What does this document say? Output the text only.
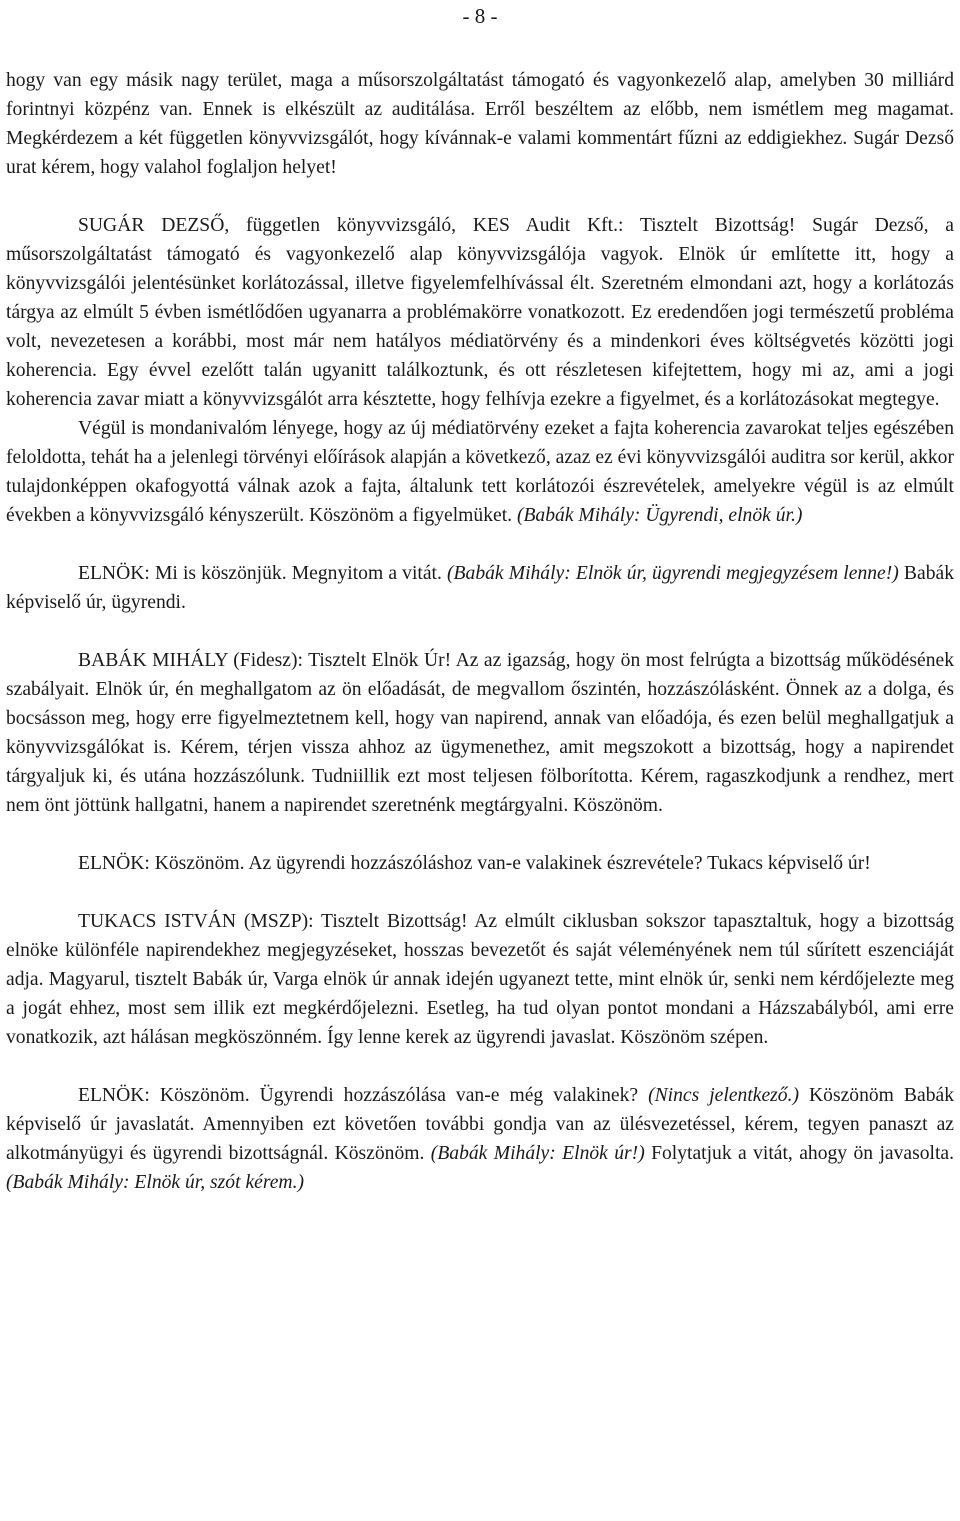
- 8 -

hogy van egy másik nagy terület, maga a műsorszolgáltatást támogató és vagyonkezelő alap, amelyben 30 milliárd forintnyi közpénz van. Ennek is elkészült az auditálása. Erről beszéltem az előbb, nem ismétlem meg magamat. Megkérdezem a két független könyvvizsgálót, hogy kívánnak-e valami kommentárt fűzni az eddigiekhez. Sugár Dezső urat kérem, hogy valahol foglaljon helyet!

SUGÁR DEZSŐ, független könyvvizsgáló, KES Audit Kft.: Tisztelt Bizottság! Sugár Dezső, a műsorszolgáltatást támogató és vagyonkezelő alap könyvvizsgálója vagyok. Elnök úr említette itt, hogy a könyvvizsgálói jelentésünket korlátozással, illetve figyelemfelhívással élt. Szeretném elmondani azt, hogy a korlátozás tárgya az elmúlt 5 évben ismétlődően ugyanarra a problémakörre vonatkozott. Ez eredendően jogi természetű probléma volt, nevezetesen a korábbi, most már nem hatályos médiatörvény és a mindenkori éves költségvetés közötti jogi koherencia. Egy évvel ezelőtt talán ugyanitt találkoztunk, és ott részletesen kifejtettem, hogy mi az, ami a jogi koherencia zavar miatt a könyvvizsgálót arra késztette, hogy felhívja ezekre a figyelmet, és a korlátozásokat megtegye.

Végül is mondanivalóm lényege, hogy az új médiatörvény ezeket a fajta koherencia zavarokat teljes egészében feloldotta, tehát ha a jelenlegi törvényi előírások alapján a következő, azaz ez évi könyvvizsgálói auditra sor kerül, akkor tulajdonképpen okafogyottá válnak azok a fajta, általunk tett korlátozói észrevételek, amelyekre végül is az elmúlt években a könyvvizsgáló kényszerült. Köszönöm a figyelmüket. (Babák Mihály: Ügyrendi, elnök úr.)

ELNÖK: Mi is köszönjük. Megnyitom a vitát. (Babák Mihály: Elnök úr, ügyrendi megjegyzésem lenne!) Babák képviselő úr, ügyrendi.

BABÁK MIHÁLY (Fidesz): Tisztelt Elnök Úr! Az az igazság, hogy ön most felrúgta a bizottság működésének szabályait. Elnök úr, én meghallgatom az ön előadását, de megvallom őszintén, hozzászólásként. Önnek az a dolga, és bocsásson meg, hogy erre figyelmeztetnem kell, hogy van napirend, annak van előadója, és ezen belül meghallgatjuk a könyvvizsgálókat is. Kérem, térjen vissza ahhoz az ügymenethez, amit megszokott a bizottság, hogy a napirendet tárgyaljuk ki, és utána hozzászólunk. Tudniillik ezt most teljesen fölborította. Kérem, ragaszkodjunk a rendhez, mert nem önt jöttünk hallgatni, hanem a napirendet szeretnénk megtárgyalni. Köszönöm.

ELNÖK: Köszönöm. Az ügyrendi hozzászóláshoz van-e valakinek észrevétele? Tukacs képviselő úr!

TUKACS ISTVÁN (MSZP): Tisztelt Bizottság! Az elmúlt ciklusban sokszor tapasztaltuk, hogy a bizottság elnöke különféle napirendekhez megjegyzéseket, hosszas bevezetőt és saját véleményének nem túl sűrített eszenciáját adja. Magyarul, tisztelt Babák úr, Varga elnök úr annak idején ugyanezt tette, mint elnök úr, senki nem kérdőjelezte meg a jogát ehhez, most sem illik ezt megkérdőjelezni. Esetleg, ha tud olyan pontot mondani a Házszabályból, ami erre vonatkozik, azt hálásan megköszönném. Így lenne kerek az ügyrendi javaslat. Köszönöm szépen.

ELNÖK: Köszönöm. Ügyrendi hozzászólása van-e még valakinek? (Nincs jelentkező.) Köszönöm Babák képviselő úr javaslatát. Amennyiben ezt követően további gondja van az ülésvezetéssel, kérem, tegyen panaszt az alkotmányügyi és ügyrendi bizottságnál. Köszönöm. (Babák Mihály: Elnök úr!) Folytatjuk a vitát, ahogy ön javasolta. (Babák Mihály: Elnök úr, szót kérem.)
